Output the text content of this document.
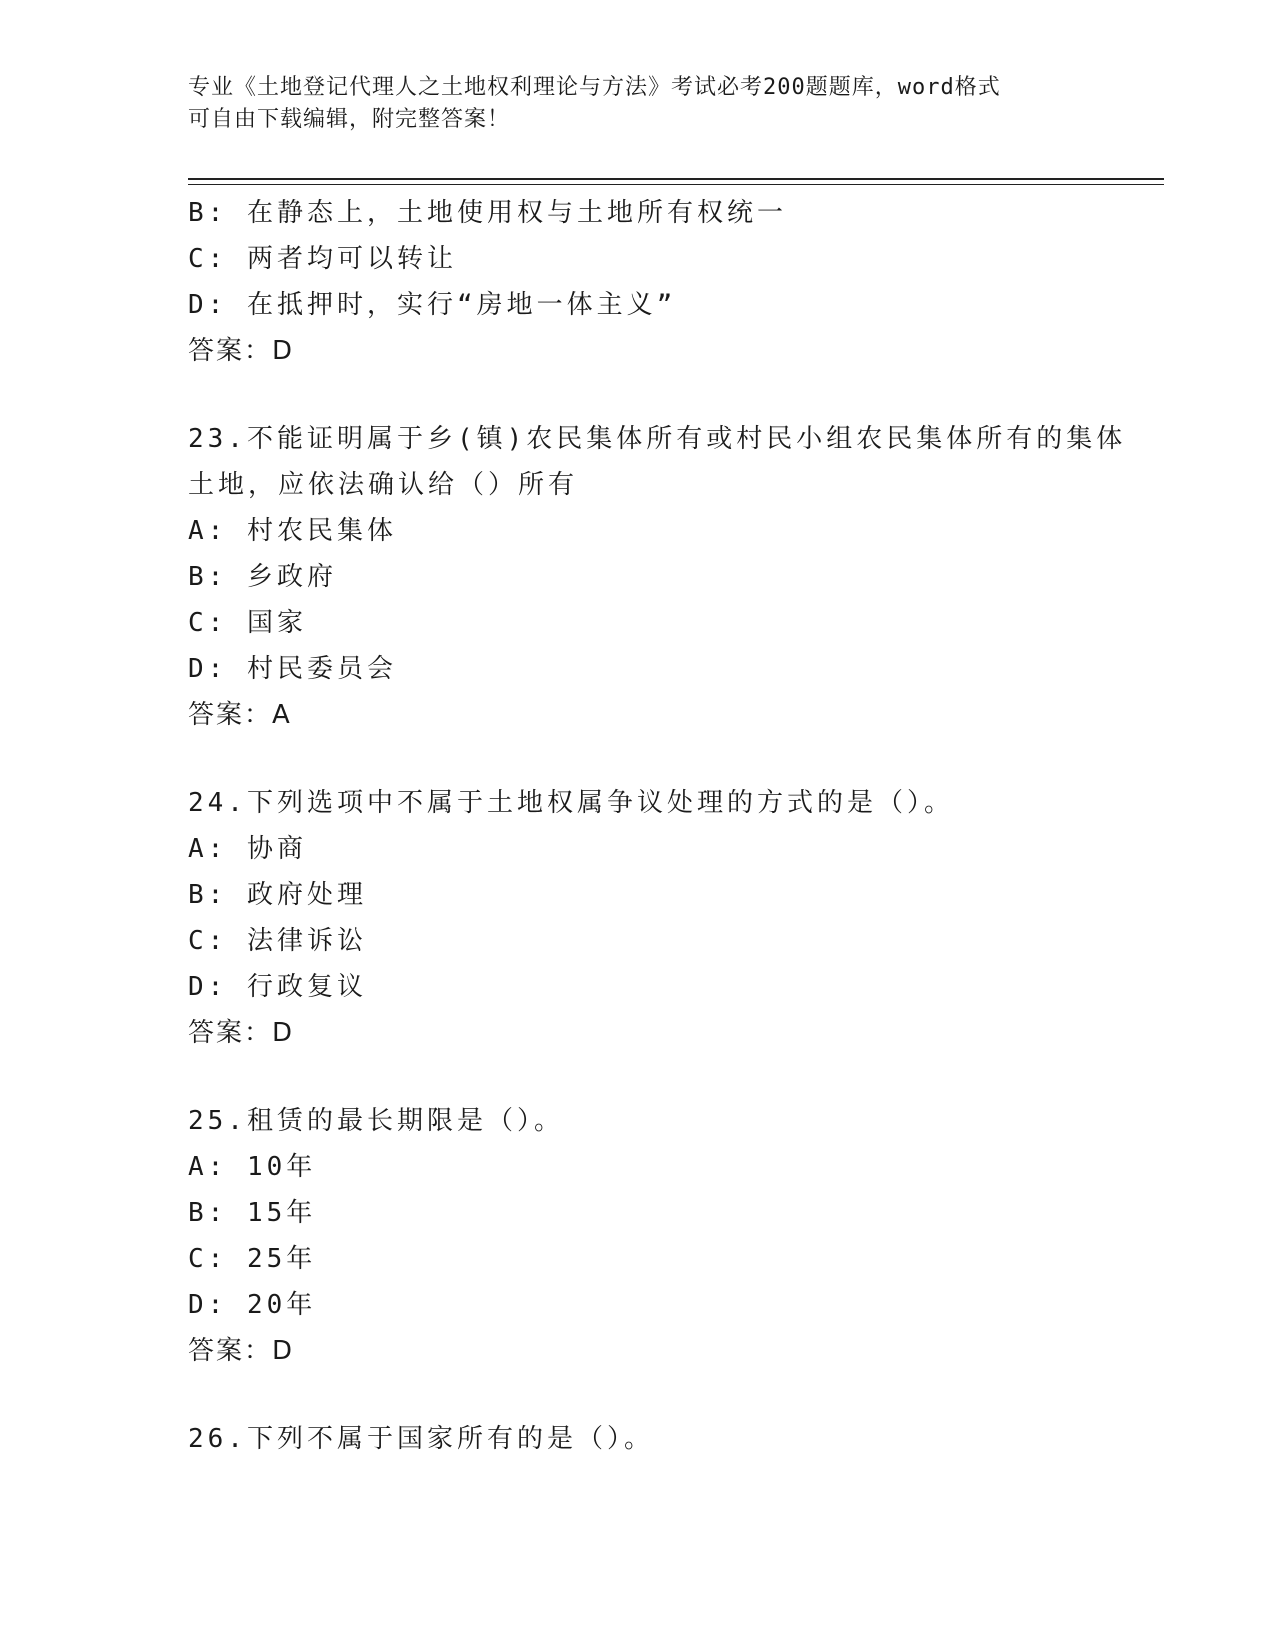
专业《土地登记代理人之土地权利理论与方法》考试必考200题题库，word格式
可自由下载编辑，附完整答案！
B: 在静态上，土地使用权与土地所有权统一
C: 两者均可以转让
D: 在抵押时，实行“房地一体主义”
答案：D
23.不能证明属于乡(镇)农民集体所有或村民小组农民集体所有的集体
土地，应依法确认给（）所有
A: 村农民集体
B: 乡政府
C: 国家
D: 村民委员会
答案：A
24.下列选项中不属于土地权属争议处理的方式的是（）。
A: 协商
B: 政府处理
C: 法律诉讼
D: 行政复议
答案：D
25.租赁的最长期限是（）。
A: 10年
B: 15年
C: 25年
D: 20年
答案：D
26.下列不属于国家所有的是（）。
